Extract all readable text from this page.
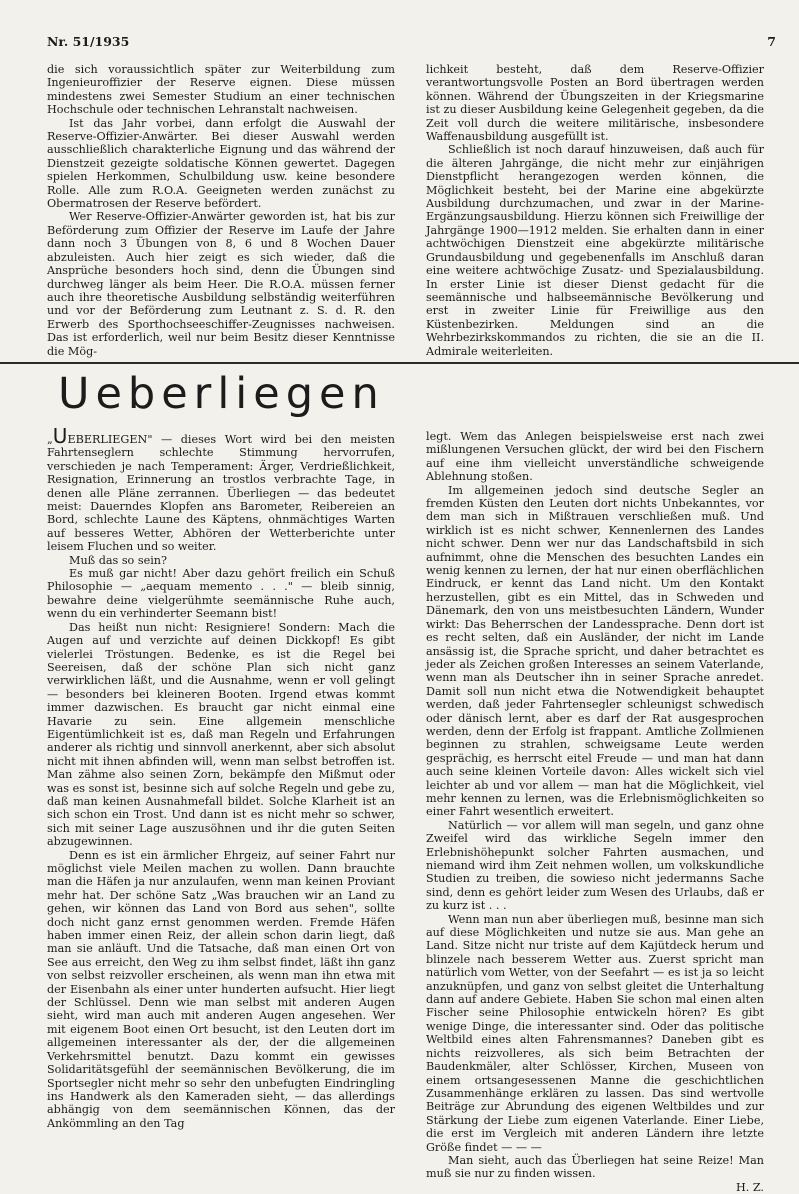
Nr. 51/1935	7

die sich voraussichtlich später zur Weiterbildung zum Ingenieuroffizier der Reserve eignen. Diese müssen mindestens zwei Semester Studium an einer technischen Hochschule oder technischen Lehranstalt nachweisen.

Ist das Jahr vorbei, dann erfolgt die Auswahl der Reserve-Offizier-Anwärter. Bei dieser Auswahl werden ausschließlich charakterliche Eignung und das während der Dienstzeit gezeigte soldatische Können gewertet. Dagegen spielen Herkommen, Schulbildung usw. keine besondere Rolle. Alle zum R.O.A. Geeigneten werden zunächst zu Obermatrosen der Reserve befördert.

Wer Reserve-Offizier-Anwärter geworden ist, hat bis zur Beförderung zum Offizier der Reserve im Laufe der Jahre dann noch 3 Übungen von 8, 6 und 8 Wochen Dauer abzuleisten. Auch hier zeigt es sich wieder, daß die Ansprüche besonders hoch sind, denn die Übungen sind durchweg länger als beim Heer. Die R.O.A. müssen ferner auch ihre theoretische Ausbildung selbständig weiterführen und vor der Beförderung zum Leutnant z. S. d. R. den Erwerb des Sporthochseeschiffer-Zeugnisses nachweisen. Das ist erforderlich, weil nur beim Besitz dieser Kenntnisse die Mög-

lichkeit besteht, daß dem Reserve-Offizier verantwortungsvolle Posten an Bord übertragen werden können. Während der Übungszeiten in der Kriegsmarine ist zu dieser Ausbildung keine Gelegenheit gegeben, da die Zeit voll durch die weitere militärische, insbesondere Waffenausbildung ausgefüllt ist.

Schließlich ist noch darauf hinzuweisen, daß auch für die älteren Jahrgänge, die nicht mehr zur einjährigen Dienstpflicht herangezogen werden können, die Möglichkeit besteht, bei der Marine eine abgekürzte Ausbildung durchzumachen, und zwar in der Marine-Ergänzungsausbildung. Hierzu können sich Freiwillige der Jahrgänge 1900—1912 melden. Sie erhalten dann in einer achtwöchigen Dienstzeit eine abgekürzte militärische Grundausbildung und gegebenenfalls im Anschluß daran eine weitere achtwöchige Zusatz- und Spezialausbildung. In erster Linie ist dieser Dienst gedacht für die seemännische und halbseemännische Bevölkerung und erst in zweiter Linie für Freiwillige aus den Küstenbezirken. Meldungen sind an die Wehrbezirkskommandos zu richten, die sie an die II. Admirale weiterleiten.

Ueberliegen

„UEBERLIEGEN" — dieses Wort wird bei den meisten Fahrtenseglern schlechte Stimmung hervorrufen, verschieden je nach Temperament: Ärger, Verdrießlichkeit, Resignation, Erinnerung an trostlos verbrachte Tage, in denen alle Pläne zerrannen. Überliegen — das bedeutet meist: Dauerndes Klopfen ans Barometer, Reibereien an Bord, schlechte Laune des Käptens, ohnmächtiges Warten auf besseres Wetter, Abhören der Wetterberichte unter leisem Fluchen und so weiter.

Muß das so sein?

Es muß gar nicht! Aber dazu gehört freilich ein Schuß Philosophie — „aequam memento . . ." — bleib sinnig, bewahre deine vielgerühmte seemännische Ruhe auch, wenn du ein verhinderter Seemann bist!

Das heißt nun nicht: Resigniere! Sondern: Mach die Augen auf und verzichte auf deinen Dickkopf! Es gibt vielerlei Tröstungen. Bedenke, es ist die Regel bei Seereisen, daß der schöne Plan sich nicht ganz verwirklichen läßt, und die Ausnahme, wenn er voll gelingt — besonders bei kleineren Booten. Irgend etwas kommt immer dazwischen. Es braucht gar nicht einmal eine Havarie zu sein. Eine allgemein menschliche Eigentümlichkeit ist es, daß man Regeln und Erfahrungen anderer als richtig und sinnvoll anerkennt, aber sich absolut nicht mit ihnen abfinden will, wenn man selbst betroffen ist. Man zähme also seinen Zorn, bekämpfe den Mißmut oder was es sonst ist, besinne sich auf solche Regeln und gebe zu, daß man keinen Ausnahmefall bildet. Solche Klarheit ist an sich schon ein Trost. Und dann ist es nicht mehr so schwer, sich mit seiner Lage auszusöhnen und ihr die guten Seiten abzugewinnen.

Denn es ist ein ärmlicher Ehrgeiz, auf seiner Fahrt nur möglichst viele Meilen machen zu wollen. Dann brauchte man die Häfen ja nur anzulaufen, wenn man keinen Proviant mehr hat. Der schöne Satz „Was brauchen wir an Land zu gehen, wir können das Land von Bord aus sehen", sollte doch nicht ganz ernst genommen werden. Fremde Häfen haben immer einen Reiz, der allein schon darin liegt, daß man sie anläuft. Und die Tatsache, daß man einen Ort von See aus erreicht, den Weg zu ihm selbst findet, läßt ihn ganz von selbst reizvoller erscheinen, als wenn man ihn etwa mit der Eisenbahn als einer unter hunderten aufsucht. Hier liegt der Schlüssel. Denn wie man selbst mit anderen Augen sieht, wird man auch mit anderen Augen angesehen. Wer mit eigenem Boot einen Ort besucht, ist den Leuten dort im allgemeinen interessanter als der, der die allgemeinen Verkehrsmittel benutzt. Dazu kommt ein gewisses Solidaritätsgefühl der seemännischen Bevölkerung, die im Sportsegler nicht mehr so sehr den unbefugten Eindringling ins Handwerk als den Kameraden sieht, — das allerdings abhängig von dem seemännischen Können, das der Ankömmling an den Tag

legt. Wem das Anlegen beispielsweise erst nach zwei mißlungenen Versuchen glückt, der wird bei den Fischern auf eine ihm vielleicht unverständliche schweigende Ablehnung stoßen.

Im allgemeinen jedoch sind deutsche Segler an fremden Küsten den Leuten dort nichts Unbekanntes, vor dem man sich in Mißtrauen verschließen muß. Und wirklich ist es nicht schwer, Kennenlernen des Landes nicht schwer. Denn wer nur das Landschaftsbild in sich aufnimmt, ohne die Menschen des besuchten Landes ein wenig kennen zu lernen, der hat nur einen oberflächlichen Eindruck, er kennt das Land nicht. Um den Kontakt herzustellen, gibt es ein Mittel, das in Schweden und Dänemark, den von uns meistbesuchten Ländern, Wunder wirkt: Das Beherrschen der Landessprache. Denn dort ist es recht selten, daß ein Ausländer, der nicht im Lande ansässig ist, die Sprache spricht, und daher betrachtet es jeder als Zeichen großen Interesses an seinem Vaterlande, wenn man als Deutscher ihn in seiner Sprache anredet. Damit soll nun nicht etwa die Notwendigkeit behauptet werden, daß jeder Fahrtensegler schleunigst schwedisch oder dänisch lernt, aber es darf der Rat ausgesprochen werden, denn der Erfolg ist frappant. Amtliche Zollmienen beginnen zu strahlen, schweigsame Leute werden gesprächig, es herrscht eitel Freude — und man hat dann auch seine kleinen Vorteile davon: Alles wickelt sich viel leichter ab und vor allem — man hat die Möglichkeit, viel mehr kennen zu lernen, was die Erlebnismöglichkeiten so einer Fahrt wesentlich erweitert.

Natürlich — vor allem will man segeln, und ganz ohne Zweifel wird das wirkliche Segeln immer den Erlebnishöhepunkt solcher Fahrten ausmachen, und niemand wird ihm Zeit nehmen wollen, um volkskundliche Studien zu treiben, die sowieso nicht jedermanns Sache sind, denn es gehört leider zum Wesen des Urlaubs, daß er zu kurz ist . . .

Wenn man nun aber überliegen muß, besinne man sich auf diese Möglichkeiten und nutze sie aus. Man gehe an Land. Sitze nicht nur triste auf dem Kajütdeck herum und blinzele nach besserem Wetter aus. Zuerst spricht man natürlich vom Wetter, von der Seefahrt — es ist ja so leicht anzuknüpfen, und ganz von selbst gleitet die Unterhaltung dann auf andere Gebiete. Haben Sie schon mal einen alten Fischer seine Philosophie entwickeln hören? Es gibt wenige Dinge, die interessanter sind. Oder das politische Weltbild eines alten Fahrensmannes? Daneben gibt es nichts reizvolleres, als sich beim Betrachten der Baudenkmäler, alter Schlösser, Kirchen, Museen von einem ortsangesessenen Manne die geschichtlichen Zusammenhänge erklären zu lassen. Das sind wertvolle Beiträge zur Abrundung des eigenen Weltbildes und zur Stärkung der Liebe zum eigenen Vaterlande. Einer Liebe, die erst im Vergleich mit anderen Ländern ihre letzte Größe findet — — —

Man sieht, auch das Überliegen hat seine Reize! Man muß sie nur zu finden wissen.

H. Z.
